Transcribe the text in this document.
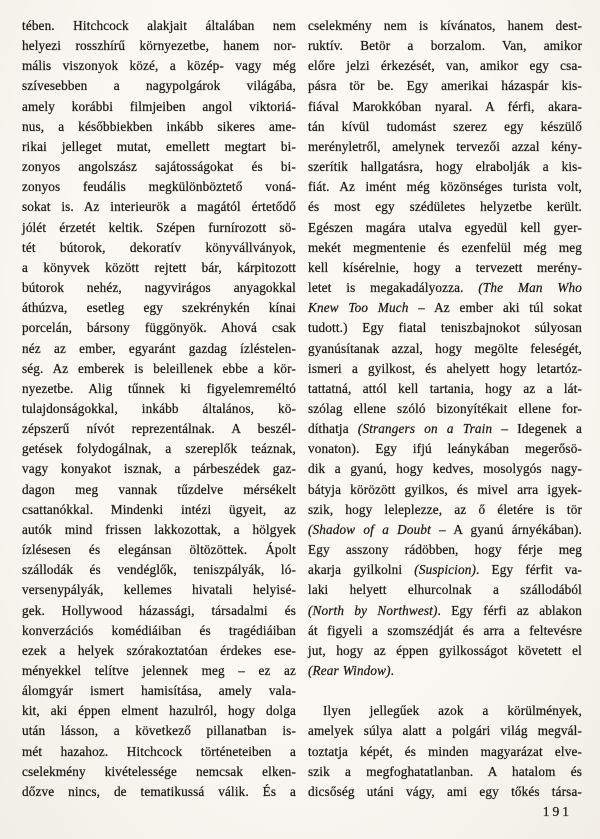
tében. Hitchcock alakjait általában nem
helyezi rosszhírű környezetbe, hanem nor-
mális viszonyok közé, a közép- vagy még
szívesebben a nagypolgárok világába,
amely korábbi filmjeiben angol viktoriá-
nus, a későbbiekben inkább sikeres ame-
rikai jelleget mutat, emellett megtart bi-
zonyos angolszász sajátosságokat és bi-
zonyos feudális megkülönböztető voná-
sokat is. Az interieurök a magától értetődő
jólét érzetét keltik. Szépen furnírozott sö-
tét bútorok, dekoratív könyvállványok,
a könyvek között rejtett bár, kárpitozott
bútorok nehéz, nagyvirágos anyagokkal
áthúzva, esetleg egy szekrénykén kínai
porcelán, bársony függönyök. Ahová csak
néz az ember, egyaránt gazdag ízléstelen-
ség. Az emberek is beleillenek ebbe a kör-
nyezetbe. Alig tűnnek ki figyelemreméltó
tulajdonságokkal, inkább általános, kö-
zépszerű nívót reprezentálnak. A beszél-
getések folydogálnak, a szereplők teáznak,
vagy konyakot isznak, a párbeszédek gaz-
dagon meg vannak tűzdelve mérsékelt
csattanókkal. Mindenki intézi ügyeit, az
autók mind frissen lakkozottak, a hölgyek
ízlésesen és elegánsan öltözöttek. Ápolt
szállodák és vendéglők, teniszpályák, ló-
versenypályák, kellemes hivatali helyisé-
gek. Hollywood házassági, társadalmi és
konverzációs komédiáiban és tragédiáiban
ezek a helyek szórakoztatóan érdekes ese-
ményekkel telítve jelennek meg – ez az
álomgyár ismert hamisítása, amely vala-
kit, aki éppen elment hazulról, hogy dolga
után lásson, a következő pillanatban is-
mét hazahoz. Hitchcock történeteiben a
cselekmény kivételessége nemcsak elken-
dőzve nincs, de tematikussá válik. És a
cselekmény nem is kívánatos, hanem dest-
ruktív. Betör a borzalom. Van, amikor
előre jelzi érkezését, van, amikor egy csa-
pásra tör be. Egy amerikai házaspár kis-
fiával Marokkóban nyaral. A férfi, akara-
tán kívül tudomást szerez egy készülő
merényletről, amelynek tervezői azzal kény-
szerítik hallgatásra, hogy elrabolják a kis-
fiát. Az imént még közönséges turista volt,
és most egy szédületes helyzetbe került.
Egészen magára utalva egyedül kell gyer-
mekét megmentenie és ezenfelül még meg
kell kísérelnie, hogy a tervezett merény-
letet is megakadályozza. (The Man Who
Knew Too Much – Az ember aki túl sokat
tudott.) Egy fiatal teniszbajnokot súlyosan
gyanúsítanak azzal, hogy megölte feleségét,
ismeri a gyilkost, és ahelyett hogy letartóz-
tattatná, attól kell tartania, hogy az a lát-
szólag ellene szóló bizonyítékait ellene for-
díthatja (Strangers on a Train – Idegenek a
vonaton). Egy ifjú leánykában megerősö-
dik a gyanú, hogy kedves, mosolygós nagy-
bátyja körözött gyilkos, és mivel arra igyek-
szik, hogy leleplezze, az ő életére is tör
(Shadow of a Doubt – A gyanú árnyékában).
Egy asszony rádöbben, hogy férje meg
akarja gyilkolni (Suspicion). Egy férfit va-
laki helyett elhurcolnak a szállodából
(North by Northwest). Egy férfi az ablakon
át figyeli a szomszédját és arra a feltevésre
jut, hogy az éppen gyilkosságot követett el
(Rear Window).
Ilyen jellegűek azok a körülmények,
amelyek súlya alatt a polgári világ megvál-
toztatja képét, és minden magyarázat elve-
szik a megfoghatatlanban. A hatalom és
dicsőség utáni vágy, ami egy tőkés társa-
191
